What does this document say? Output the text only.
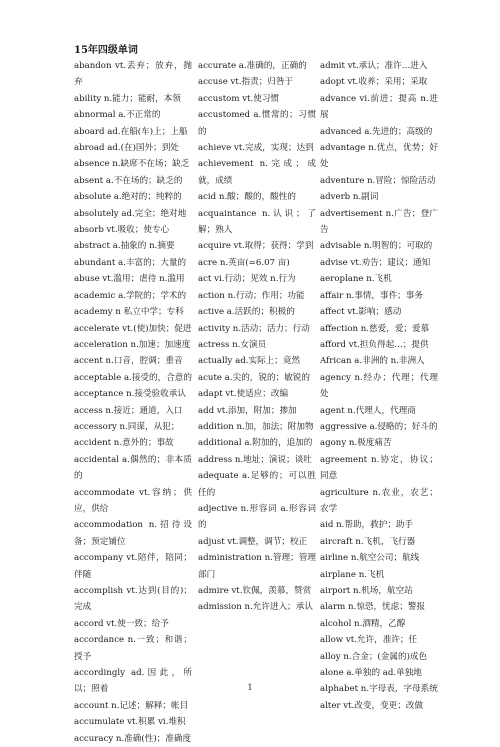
15年四级单词

abandon vt.丢弃；放弃，抛弃

ability n.能力；能耐，本领

abnormal a.不正常的

aboard ad.在船(车)上；上船

abroad ad.(在)国外；到处

absence n.缺席不在场；缺乏

absent a.不在场的；缺乏的

absolute a.绝对的；纯粹的

absolutely ad.完全；绝对地

absorb vt.吸收；使专心

abstract a.抽象的 n.摘要

abundant a.丰富的；大量的

abuse vt.滥用；虐待 n.滥用

academic a.学院的；学术的

academy n 私立中学；专科

accelerate vt.(使)加快；促进

acceleration n.加速；加速度

accent n.口音，腔调；重音

acceptable a.接受的，合意的

acceptance n.接受验收承认

access n.接近；通道，入口

accessory n.同谋，从犯；

accident n.意外的；事故

accidental a.偶然的；非本质的

accommodate vt.容纳；供应，供给

accommodation n.招待设备；预定铺位

accompany vt.陪伴，陪同；伴随

accomplish vt.达到(目的)；完成

accord vt.使一致；给予

accordance n.一致；和谐；授予

accordingly ad.因此，所以；照着

account n.记述；解释；帐目

accumulate vt.积累 vi.堆积

accuracy n.准确(性)；准确度

accurate a.准确的，正确的

accuse vt.指责；归咎于

accustom vt.使习惯

accustomed a.惯常的；习惯的

achieve vt.完成，实现；达到

achievement n.完成；成就，成绩

acid n.酸；酸的，酸性的

acquaintance n.认识；了解；熟人

acquire vt.取得；获得；学到

acre n.英亩(=6.07 亩)

act vi.行动；见效 n.行为

action n.行动；作用；功能

active a.活跃的；积极的

activity n.活动；活力；行动

actress n.女演员

actually ad.实际上；竟然

acute a.尖的，锐的；敏锐的

adapt vt.使适应；改编

add vt.添加，附加；掺加

addition n.加，加法；附加物

additional a.附加的，追加的

address n.地址；演说；谈吐

adequate a.足够的；可以胜任的

adjective n.形容词 a.形容词的

adjust vt.调整，调节；校正

administration n.管理；管理部门

admire vt.钦佩，羡慕，赞赏

admission n.允许进入；承认

admit vt.承认；准许…进入

adopt vt.收养；采用；采取

advance vi.前进；提高 n.进展

advanced a.先进的；高级的

advantage n.优点，优势；好处

adventure n.冒险；惊险活动

adverb n.副词

advertisement n.广告；登广告

advisable n.明智的；可取的

advise vt.劝告；建议；通知

aeroplane n.飞机

affair n.事情，事件；事务

affect vt.影响；感动

affection n.慈爱，爱；爱慕

afford vt.担负得起…；提供

African a.非洲的 n.非洲人

agency n.经办；代理；代理处

agent n.代理人，代理商

aggressive a.侵略的；好斗的

agony n.极度痛苦

agreement n.协定，协议；同意

agriculture n.农业，农艺；农学

aid n.帮助，救护；助手

aircraft n.飞机，飞行器

airline n.航空公司；航线

airplane n.飞机

airport n.机场，航空站

alarm n.惊恐，忧虑；警报

alcohol n.酒精，乙醇

allow vt.允许，准许；任

alloy n.合金；(金属的)成色

alone a.单独的 ad.单独地

alphabet n.字母表，字母系统

alter vt.改变，变更；改做

1
